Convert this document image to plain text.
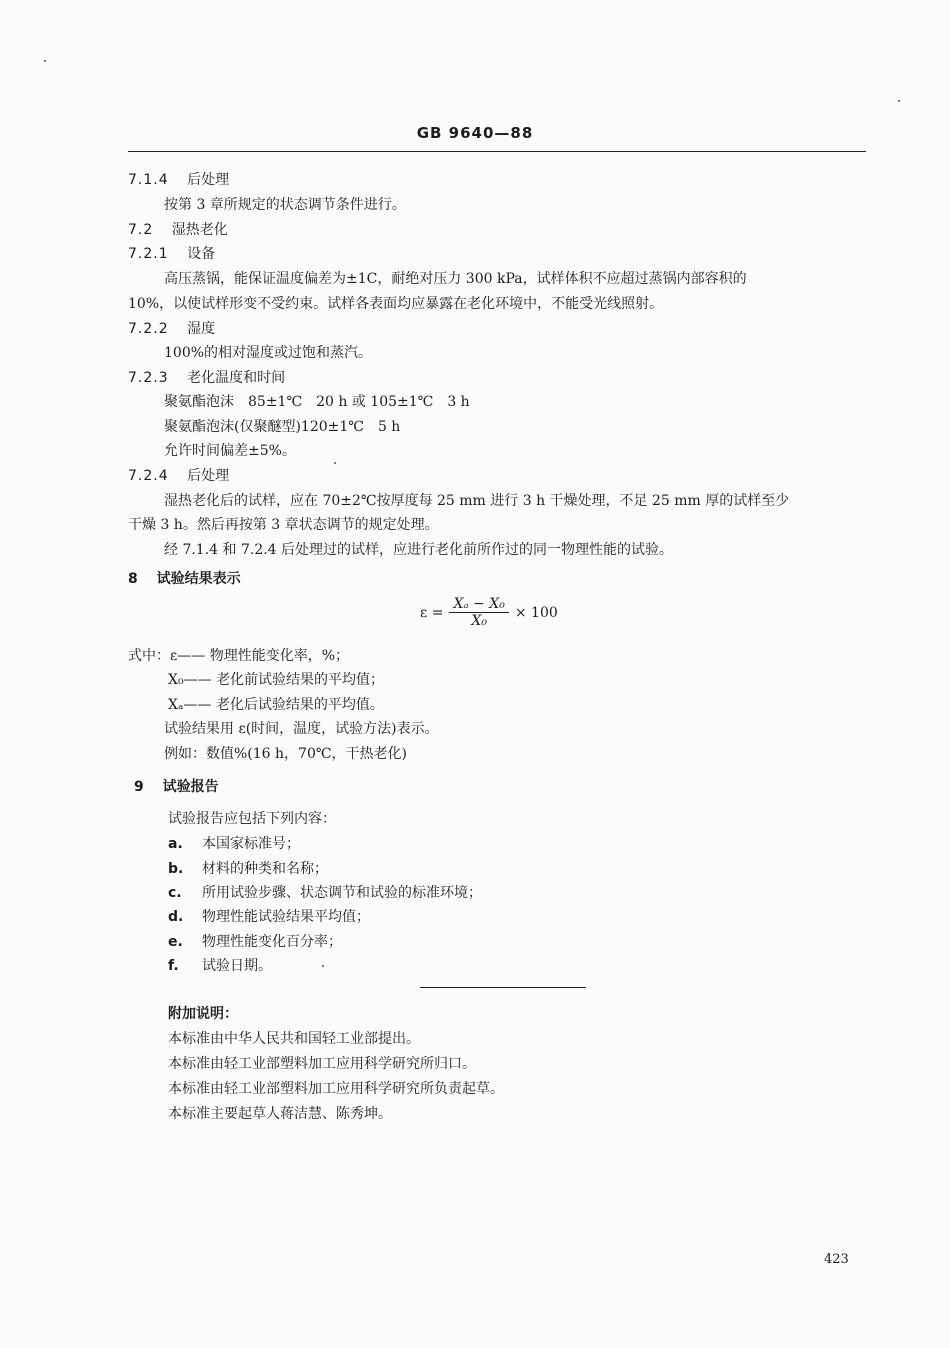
GB 9640—88
7.1.4 后处理
按第 3 章所规定的状态调节条件进行。
7.2 湿热老化
7.2.1 设备
高压蒸锅，能保证温度偏差为±1C，耐绝对压力 300 kPa，试样体积不应超过蒸锅内部容积的
10%，以使试样形变不受约束。试样各表面均应暴露在老化环境中，不能受光线照射。
7.2.2 湿度
100%的相对湿度或过饱和蒸汽。
7.2.3 老化温度和时间
聚氨酯泡沫　85±1℃　20 h 或 105±1℃　3 h
聚氨酯泡沫(仅聚醚型)120±1℃　5 h
允许时间偏差±5%。
7.2.4 后处理
湿热老化后的试样，应在 70±2℃按厚度每 25 mm 进行 3 h 干燥处理，不足 25 mm 厚的试样至少
干燥 3 h。然后再按第 3 章状态调节的规定处理。
经 7.1.4 和 7.2.4 后处理过的试样，应进行老化前所作过的同一物理性能的试验。
8 试验结果表示
$\varepsilon = \frac{\text{Xₐ − X₀}}{\text{X₀}} \times 100$
式中：ε—— 物理性能变化率，%；
X₀—— 老化前试验结果的平均值；
Xₐ—— 老化后试验结果的平均值。
试验结果用 ε(时间，温度，试验方法)表示。
例如：数值%(16 h，70℃，干热老化)
9 试验报告
试验报告应包括下列内容：
a. 本国家标准号；
b. 材料的种类和名称；
c. 所用试验步骤、状态调节和试验的标准环境；
d. 物理性能试验结果平均值；
e. 物理性能变化百分率；
f. 试验日期。
附加说明：
本标准由中华人民共和国轻工业部提出。
本标准由轻工业部塑料加工应用科学研究所归口。
本标准由轻工业部塑料加工应用科学研究所负责起草。
本标准主要起草人蒋洁慧、陈秀坤。
423
